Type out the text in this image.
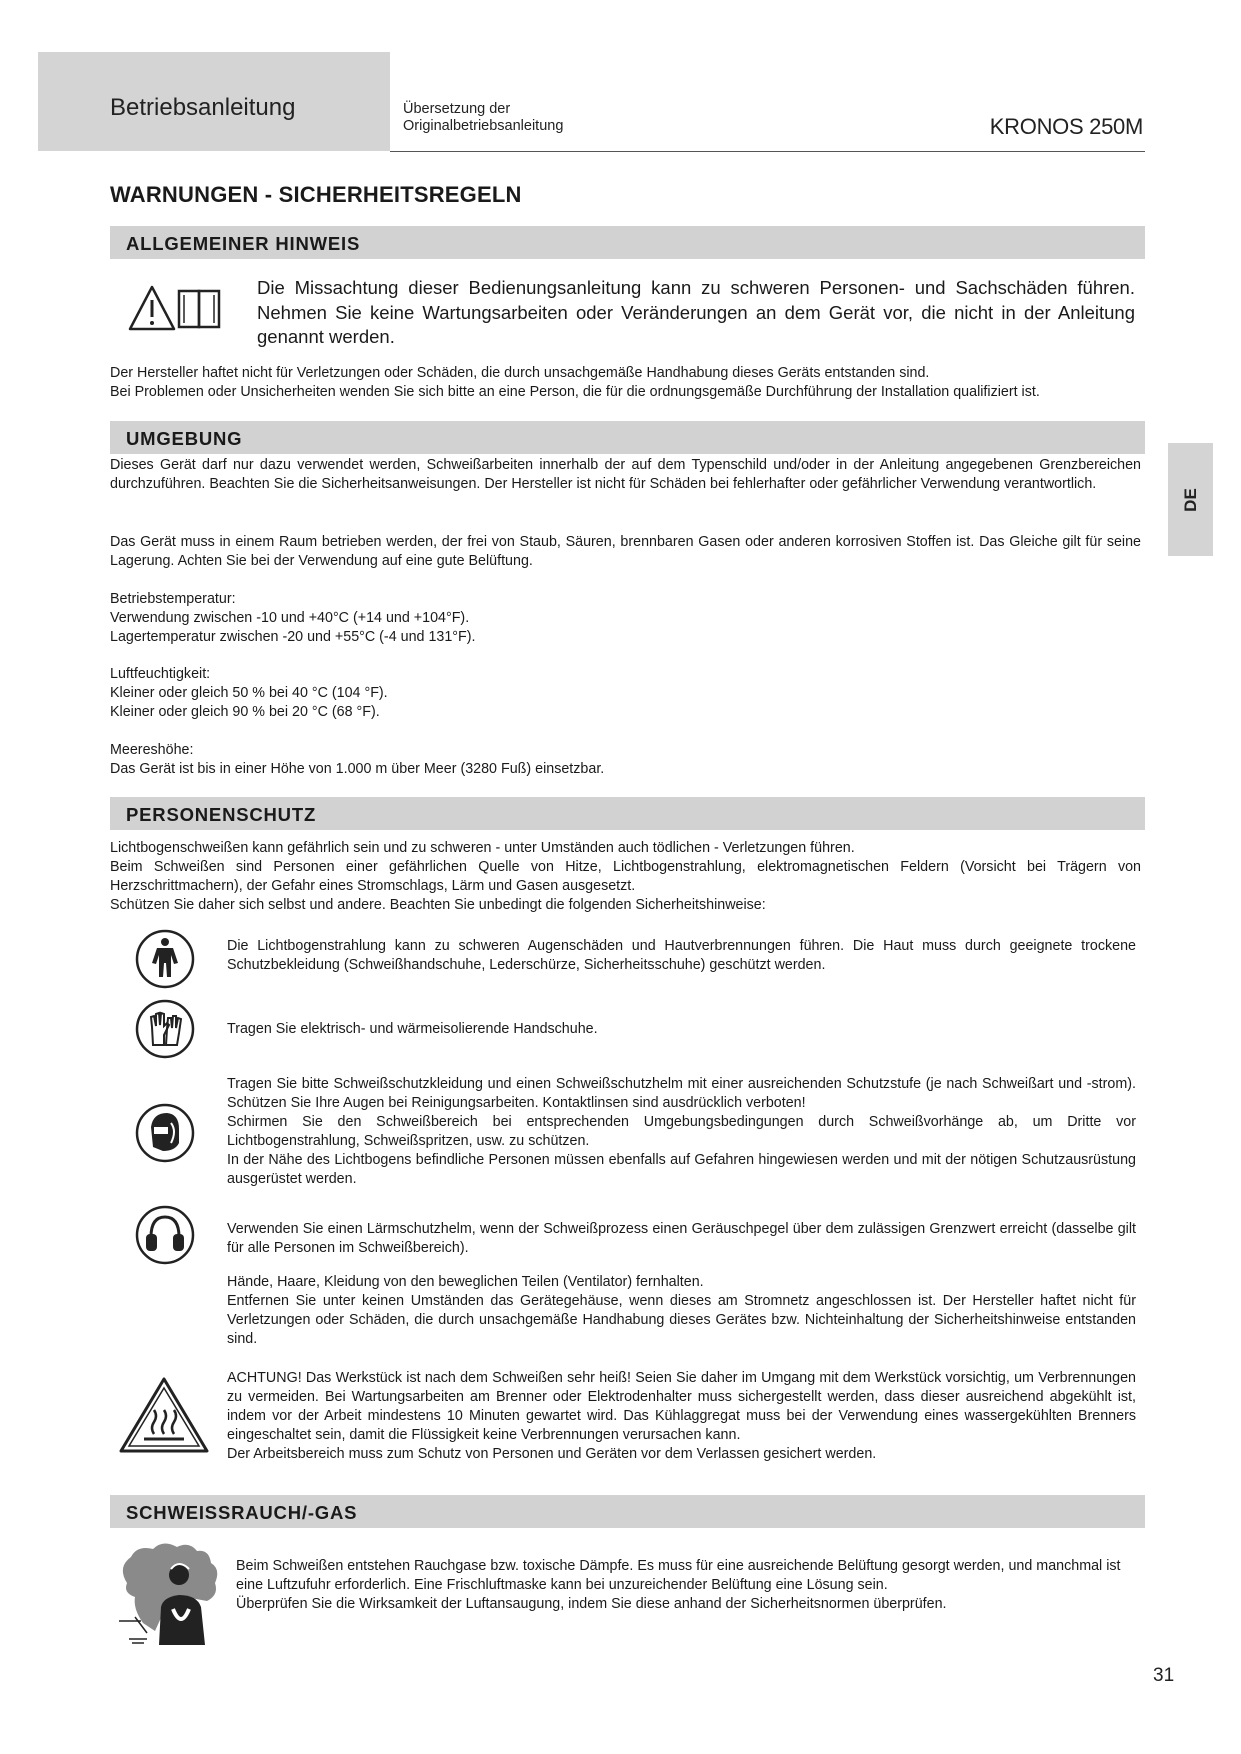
Betriebsanleitung	Übersetzung der
Originalbetriebsanleitung	KRONOS 250M
DE
WARNUNGEN - SICHERHEITSREGELN
ALLGEMEINER HINWEIS
Die Missachtung dieser Bedienungsanleitung kann zu schweren Personen- und Sachschäden führen. Nehmen Sie keine Wartungsarbeiten oder Veränderungen an dem Gerät vor, die nicht in der Anleitung genannt werden.
Der Hersteller haftet nicht für Verletzungen oder Schäden, die durch unsachgemäße Handhabung dieses Geräts entstanden sind.
Bei Problemen oder Unsicherheiten wenden Sie sich bitte an eine Person, die für die ordnungsgemäße Durchführung der Installation qualifiziert ist.
UMGEBUNG
Dieses Gerät darf nur dazu verwendet werden, Schweißarbeiten innerhalb der auf dem Typenschild und/oder in der Anleitung angegebenen Grenzbereichen durchzuführen. Beachten Sie die Sicherheitsanweisungen. Der Hersteller ist nicht für Schäden bei fehlerhafter oder gefährlicher Verwendung verantwortlich.
Das Gerät muss in einem Raum betrieben werden, der frei von Staub, Säuren, brennbaren Gasen oder anderen korrosiven Stoffen ist. Das Gleiche gilt für seine Lagerung. Achten Sie bei der Verwendung auf eine gute Belüftung.
Betriebstemperatur:
Verwendung zwischen -10 und +40°C (+14 und +104°F).
Lagertemperatur zwischen -20 und +55°C (-4 und 131°F).
Luftfeuchtigkeit:
Kleiner oder gleich 50 % bei 40 °C (104 °F).
Kleiner oder gleich 90 % bei 20 °C (68 °F).
Meereshöhe:
Das Gerät ist bis in einer Höhe von 1.000 m über Meer (3280 Fuß) einsetzbar.
PERSONENSCHUTZ
Lichtbogenschweißen kann gefährlich sein und zu schweren - unter Umständen auch tödlichen - Verletzungen führen.
Beim Schweißen sind Personen einer gefährlichen Quelle von Hitze, Lichtbogenstrahlung, elektromagnetischen Feldern (Vorsicht bei Trägern von Herzschrittmachern), der Gefahr eines Stromschlags, Lärm und Gasen ausgesetzt.
Schützen Sie daher sich selbst und andere. Beachten Sie unbedingt die folgenden Sicherheitshinweise:
Die Lichtbogenstrahlung kann zu schweren Augenschäden und Hautverbrennungen führen. Die Haut muss durch geeignete trockene Schutzbekleidung (Schweißhandschuhe, Lederschürze, Sicherheitsschuhe) geschützt werden.
Tragen Sie elektrisch- und wärmeisolierende Handschuhe.
Tragen Sie bitte Schweißschutzkleidung und einen Schweißschutzhelm mit einer ausreichenden Schutzstufe (je nach Schweißart und -strom). Schützen Sie Ihre Augen bei Reinigungsarbeiten. Kontaktlinsen sind ausdrücklich verboten!
Schirmen Sie den Schweißbereich bei entsprechenden Umgebungsbedingungen durch Schweißvorhänge ab, um Dritte vor Lichtbogenstrahlung, Schweißspritzen, usw. zu schützen.
In der Nähe des Lichtbogens befindliche Personen müssen ebenfalls auf Gefahren hingewiesen werden und mit der nötigen Schutzausrüstung ausgerüstet werden.
Verwenden Sie einen Lärmschutzhelm, wenn der Schweißprozess einen Geräuschpegel über dem zulässigen Grenzwert erreicht (dasselbe gilt für alle Personen im Schweißbereich).
Hände, Haare, Kleidung von den beweglichen Teilen (Ventilator) fernhalten.
Entfernen Sie unter keinen Umständen das Gerätegehäuse, wenn dieses am Stromnetz angeschlossen ist. Der Hersteller haftet nicht für Verletzungen oder Schäden, die durch unsachgemäße Handhabung dieses Gerätes bzw. Nichteinhaltung der Sicherheitshinweise entstanden sind.
ACHTUNG! Das Werkstück ist nach dem Schweißen sehr heiß! Seien Sie daher im Umgang mit dem Werkstück vorsichtig, um Verbrennungen zu vermeiden. Bei Wartungsarbeiten am Brenner oder Elektrodenhalter muss sichergestellt werden, dass dieser ausreichend abgekühlt ist, indem vor der Arbeit mindestens 10 Minuten gewartet wird. Das Kühlaggregat muss bei der Verwendung eines wassergekühlten Brenners eingeschaltet sein, damit die Flüssigkeit keine Verbrennungen verursachen kann.
Der Arbeitsbereich muss zum Schutz von Personen und Geräten vor dem Verlassen gesichert werden.
SCHWEISSRAUCH/-GAS
Beim Schweißen entstehen Rauchgase bzw. toxische Dämpfe. Es muss für eine ausreichende Belüftung gesorgt werden, und manchmal ist eine Luftzufuhr erforderlich. Eine Frischluftmaske kann bei unzureichender Belüftung eine Lösung sein.
Überprüfen Sie die Wirksamkeit der Luftansaugung, indem Sie diese anhand der Sicherheitsnormen überprüfen.
31
